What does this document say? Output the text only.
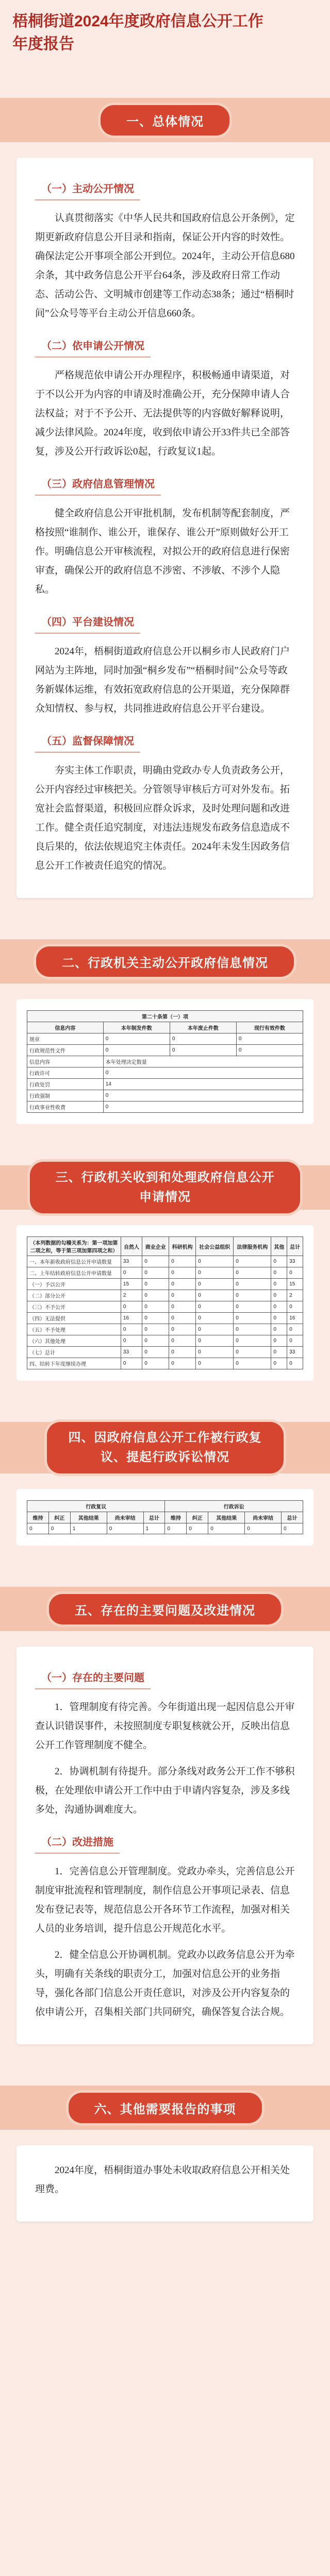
梧桐街道2024年度政府信息公开工作
年度报告
一、总体情况
（一）主动公开情况

认真贯彻落实《中华人民共和国政府信息公开条例》，定期更新政府信息公开目录和指南，保证公开内容的时效性。确保法定公开事项全部公开到位。2024年，主动公开信息680余条，其中政务信息公开平台64条，涉及政府日常工作动态、活动公告、文明城市创建等工作动态38条；通过“梧桐时间”公众号等平台主动公开信息660条。

（二）依申请公开情况

严格规范依申请公开办理程序，积极畅通申请渠道，对于不以公开为内容的申请及时准确公开，充分保障申请人合法权益；对于不予公开、无法提供等的内容做好解释说明，减少法律风险。2024年度，收到依申请公开33件共已全部答复，涉及公开行政诉讼0起，行政复议1起。

（三）政府信息管理情况

健全政府信息公开审批机制，发布机制等配套制度，严格按照“谁制作、谁公开，谁保存、谁公开”原则做好公开工作。明确信息公开审核流程，对拟公开的政府信息进行保密审查，确保公开的政府信息不涉密、不涉敏、不涉个人隐私。

（四）平台建设情况

2024年，梧桐街道政府信息公开以桐乡市人民政府门户网站为主阵地，同时加强“桐乡发布”“梧桐时间”公众号等政务新媒体运维，有效拓宽政府信息的公开渠道，充分保障群众知情权、参与权，共同推进政府信息公开平台建设。

（五）监督保障情况

夯实主体工作职责，明确由党政办专人负责政务公开，公开内容经过审核把关。分管领导审核后方可对外发布。拓宽社会监督渠道，积极回应群众诉求，及时处理问题和改进工作。健全责任追究制度，对违法违规发布政务信息造成不良后果的，依法依规追究主体责任。2024年未发生因政务信息公开工作被责任追究的情况。

二、行政机关主动公开政府信息情况
第二十条第（一）项			
信息内容	本年制发件数	本年废止件数	现行有效件数
规章	0	0	0
行政规范性文件	0	0	0
信息内容	本年处理决定数量		
行政许可	0		
行政处罚	14		
行政强制	0		
行政事业性收费	0		
三、行政机关收到和处理政府信息公开申请情况
（本列数据的勾稽关系为：第一项加第二项之和，等于第三项加第四项之和）	自然人	商业企业	科研机构	社会公益组织	法律服务机构	其他	总计
一、本年新收政府信息公开申请数量	33	0	0	0	0	0	33
二、上年结转政府信息公开申请数量	0	0	0	0	0	0	0
（一）予以公开	15	0	0	0	0	0	15
（二）部分公开	2	0	0	0	0	0	2
（三）不予公开	0	0	0	0	0	0	0
（四）无法提供	16	0	0	0	0	0	16
（五）不予处理	0	0	0	0	0	0	0
（六）其他处理	0	0	0	0	0	0	0
（七）总计	33	0	0	0	0	0	33
四、结转下年度继续办理	0	0	0	0	0	0	0
四、因政府信息公开工作被行政复
议、提起行政诉讼情况
行政复议					行政诉讼				
维持	纠正	其他结果	尚未审结	总计	维持	纠正	其他结果	尚未审结	总计
0	0	1	0	1	0	0	0	0	0
五、存在的主要问题及改进情况
（一）存在的主要问题

1．管理制度有待完善。今年街道出现一起因信息公开审查认识错误事件，未按照制度专职复核就公开，反映出信息公开工作管理制度不健全。

2．协调机制有待提升。部分条线对政务公开工作不够积极，在处理依申请公开工作中由于申请内容复杂，涉及多线多处，沟通协调难度大。

（二）改进措施

1．完善信息公开管理制度。党政办牵头，完善信息公开制度审批流程和管理制度，制作信息公开事项记录表、信息发布登记表等，规范信息公开各环节工作流程，加强对相关人员的业务培训，提升信息公开规范化水平。

2．健全信息公开协调机制。党政办以政务信息公开为牵头，明确有关条线的职责分工，加强对信息公开的业务指导，强化各部门信息公开责任意识，对涉及公开内容复杂的依申请公开，召集相关部门共同研究，确保答复合法合规。

六、其他需要报告的事项

2024年度，梧桐街道办事处未收取政府信息公开相关处理费。
